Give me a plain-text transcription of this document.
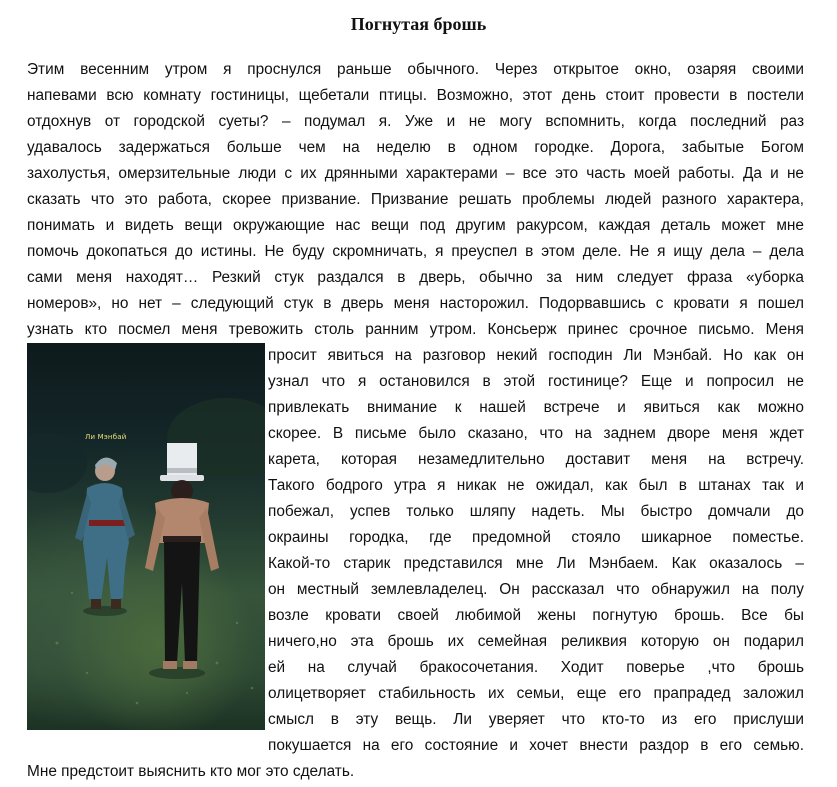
Погнутая брошь
Этим весенним утром я проснулся раньше обычного. Через открытое окно, озаряя своими
напевами всю комнату гостиницы, щебетали птицы. Возможно, этот день стоит провести в постели
отдохнув от городской суеты? – подумал я. Уже и не могу вспомнить, когда последний раз
удавалось задержаться больше чем на неделю в одном городке. Дорога, забытые Богом
захолустья, омерзительные люди с их дрянными характерами – все это часть моей работы. Да и не
сказать что это работа, скорее призвание. Призвание решать проблемы людей разного характера,
понимать и видеть вещи окружающие нас вещи под другим ракурсом, каждая деталь может мне
помочь докопаться до истины. Не буду скромничать, я преуспел в этом деле. Не я ищу дела – дела
сами меня находят… Резкий стук раздался в дверь, обычно за ним следует фраза «уборка
номеров», но нет – следующий стук в дверь меня насторожил. Подорвавшись с кровати я пошел
узнать кто посмел меня тревожить столь ранним утром. Консьерж принес срочное письмо. Меня
просит явиться на разговор некий господин Ли Мэнбай. Но как он
узнал что я остановился в этой гостинице? Еще и попросил не
привлекать внимание к нашей встрече и явиться как можно
скорее. В письме было сказано, что на заднем дворе меня ждет
карета, которая незамедлительно доставит меня на встречу.
Такого бодрого утра я никак не ожидал, как был в штанах так и
побежал, успев только шляпу надеть. Мы быстро домчали до
окраины городка, где предомной стояло шикарное поместье.
Какой-то старик представился мне Ли Мэнбаем. Как оказалось –
он местный землевладелец. Он рассказал что обнаружил на полу
возле кровати своей любимой жены погнутую брошь. Все бы
ничего,но эта брошь их семейная реликвия которую он подарил
ей на случай бракосочетания. Ходит поверье ,что брошь
олицетворяет стабильность их семьи, еще его прапрадед заложил
смысл в эту вещь. Ли уверяет что кто-то из его прислуши
покушается на его состояние и хочет внести раздор в его семью.
Мне предстоит выяснить кто мог это сделать.
Ли Мэнбай
